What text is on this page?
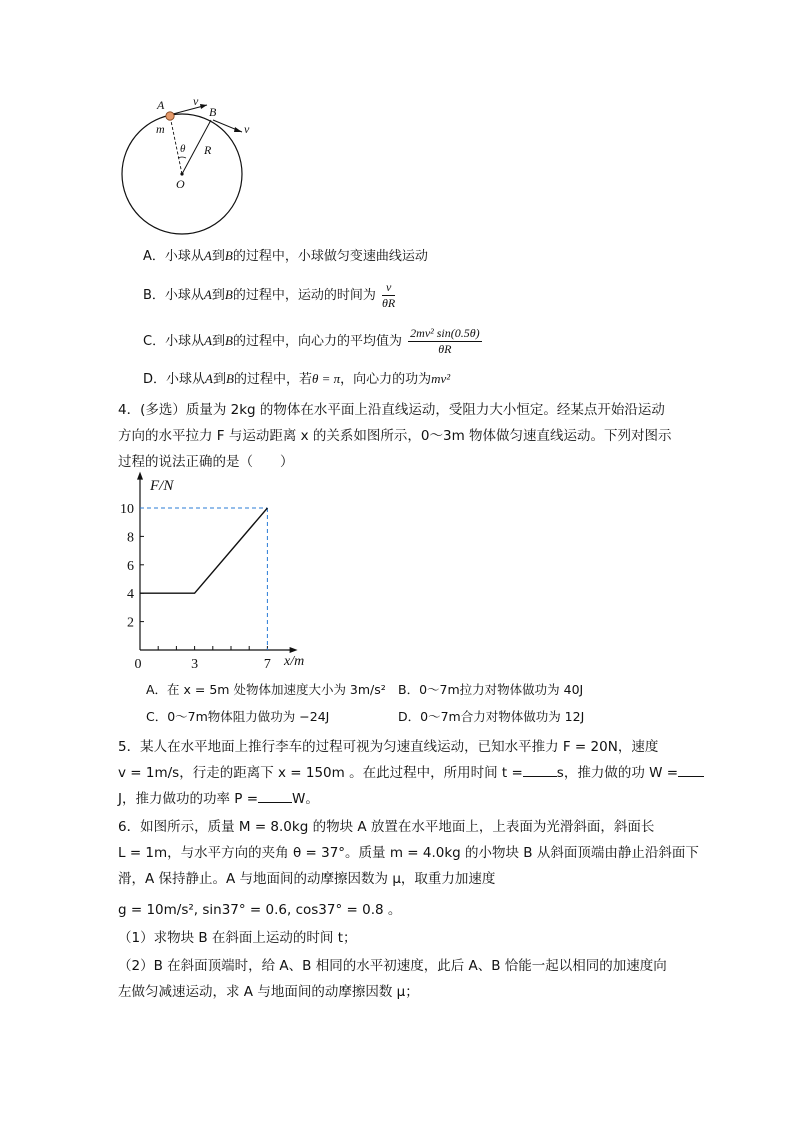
A v
B
v
m
θ R
O
A．小球从A到B的过程中，小球做匀变速曲线运动
B．小球从A到B的过程中，运动的时间为 $\frac{v}{\theta R}$
C．小球从A到B的过程中，向心力的平均值为 $\frac{\text{2mv² sin(0.5θ)}}{\theta R}$
D．小球从A到B的过程中，若θ = π，向心力的功为mv²
4．(多选）质量为 2kg 的物体在水平面上沿直线运动，受阻力大小恒定。经某点开始沿运动
方向的水平拉力 F 与运动距离 x 的关系如图所示，0～3m 物体做匀速直线运动。下列对图示
过程的说法正确的是（　　）
2
4
6
8
10
0	3	7
F/N
x/m
A．在 x = 5m 处物体加速度大小为 3m/s² B．0～7m拉力对物体做功为 40J
C．0～7m物体阻力做功为 −24J	D．0～7m合力对物体做功为 12J
5．某人在水平地面上推行李车的过程可视为匀速直线运动，已知水平推力 F = 20N，速度
v = 1m/s，行走的距离下 x = 150m 。在此过程中，所用时间 t =	s，推力做的功 W =
J，推力做功的功率 P =	W。
6．如图所示，质量 M = 8.0kg 的物块 A 放置在水平地面上，上表面为光滑斜面，斜面长
L = 1m，与水平方向的夹角 θ = 37°。质量 m = 4.0kg 的小物块 B 从斜面顶端由静止沿斜面下
滑，A 保持静止。A 与地面间的动摩擦因数为 μ，取重力加速度
g = 10m/s², sin37° = 0.6, cos37° = 0.8 。
（1）求物块 B 在斜面上运动的时间 t；
（2）B 在斜面顶端时，给 A、B 相同的水平初速度，此后 A、B 恰能一起以相同的加速度向
左做匀减速运动，求 A 与地面间的动摩擦因数 μ；
